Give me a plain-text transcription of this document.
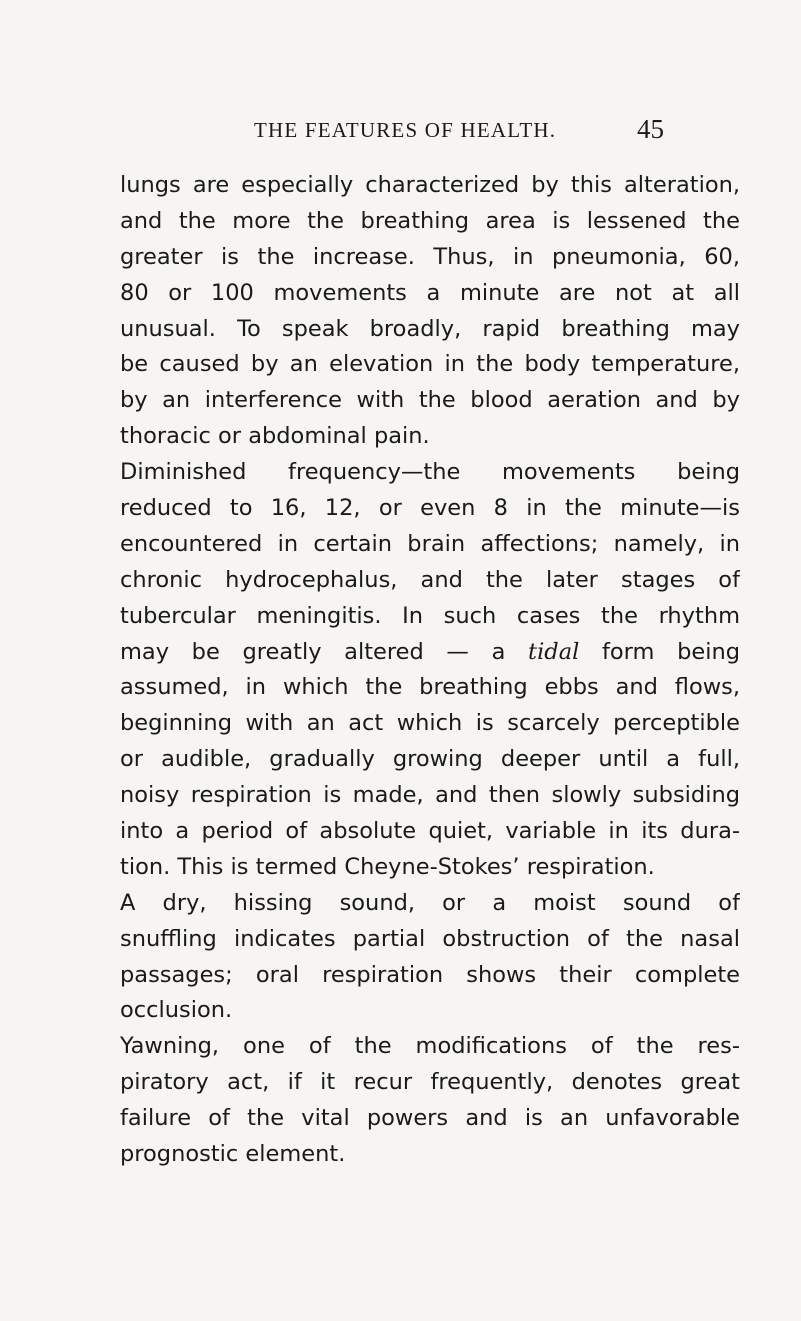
THE FEATURES OF HEALTH.	45
lungs are especially characterized by this alteration,
and the more the breathing area is lessened the
greater is the increase. Thus, in pneumonia, 60,
80 or 100 movements a minute are not at all
unusual. To speak broadly, rapid breathing may
be caused by an elevation in the body temperature,
by an interference with the blood aeration and by
thoracic or abdominal pain.
Diminished frequency—the movements being
reduced to 16, 12, or even 8 in the minute—is
encountered in certain brain affections; namely, in
chronic hydrocephalus, and the later stages of
tubercular meningitis. In such cases the rhythm
may be greatly altered — a tidal form being
assumed, in which the breathing ebbs and flows,
beginning with an act which is scarcely perceptible
or audible, gradually growing deeper until a full,
noisy respiration is made, and then slowly subsiding
into a period of absolute quiet, variable in its dura-
tion. This is termed Cheyne-Stokes’ respiration.
A dry, hissing sound, or a moist sound of
snuffling indicates partial obstruction of the nasal
passages; oral respiration shows their complete
occlusion.
Yawning, one of the modifications of the res-
piratory act, if it recur frequently, denotes great
failure of the vital powers and is an unfavorable
prognostic element.
